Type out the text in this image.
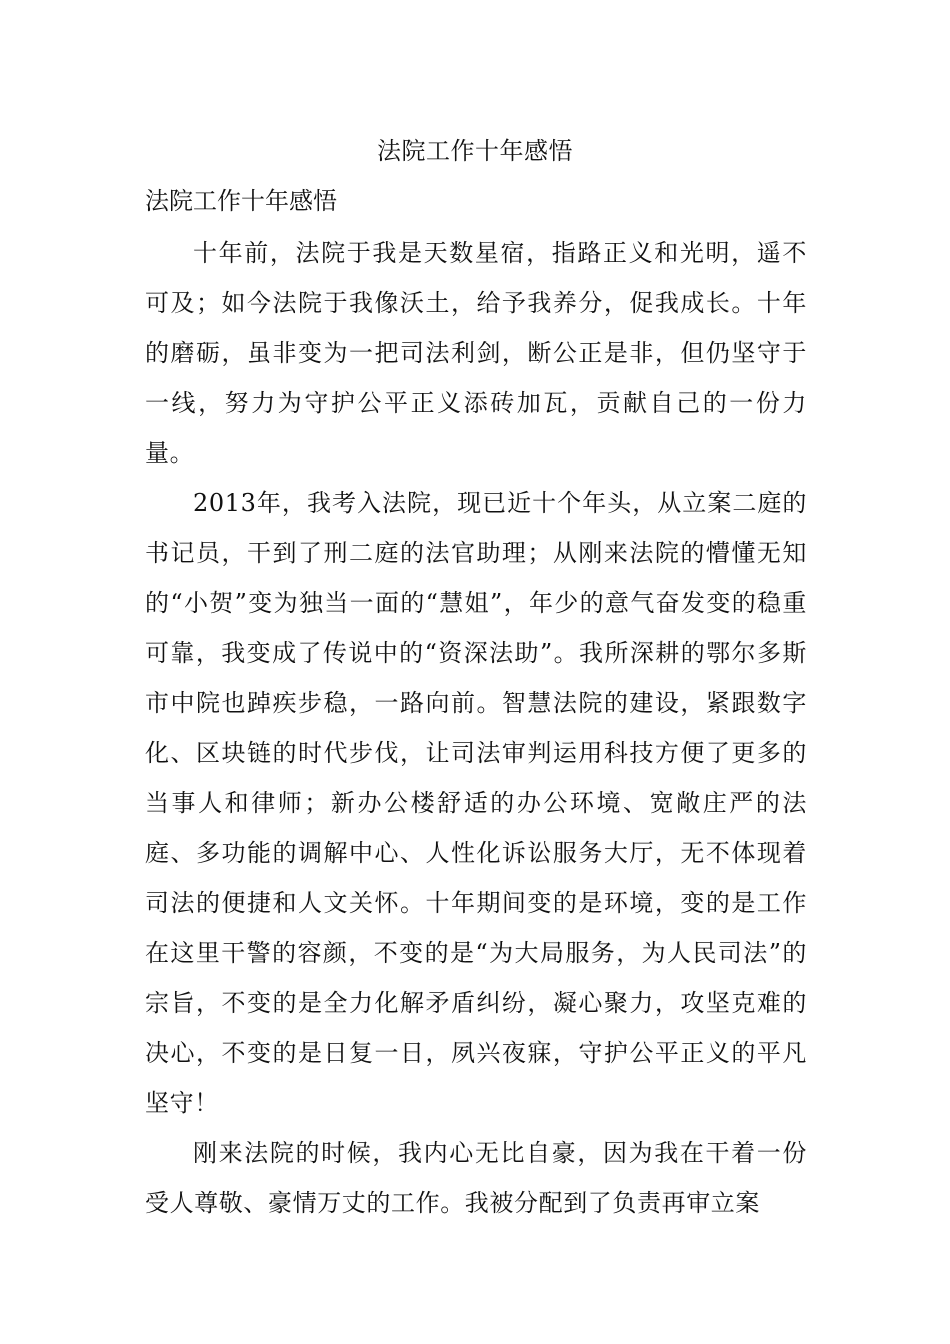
法院工作十年感悟
法院工作十年感悟

十年前，法院于我是天数星宿，指路正义和光明，遥不可及；如今法院于我像沃土，给予我养分，促我成长。十年的磨砺，虽非变为一把司法利剑，断公正是非，但仍坚守于一线，努力为守护公平正义添砖加瓦，贡献自己的一份力量。

2013年，我考入法院，现已近十个年头，从立案二庭的书记员，干到了刑二庭的法官助理；从刚来法院的懵懂无知的“小贺”变为独当一面的“慧姐”，年少的意气奋发变的稳重可靠，我变成了传说中的“资深法助”。我所深耕的鄂尔多斯市中院也踔疾步稳，一路向前。智慧法院的建设，紧跟数字化、区块链的时代步伐，让司法审判运用科技方便了更多的当事人和律师；新办公楼舒适的办公环境、宽敞庄严的法庭、多功能的调解中心、人性化诉讼服务大厅，无不体现着司法的便捷和人文关怀。十年期间变的是环境，变的是工作在这里干警的容颜，不变的是“为大局服务，为人民司法”的宗旨，不变的是全力化解矛盾纠纷，凝心聚力，攻坚克难的决心，不变的是日复一日，夙兴夜寐，守护公平正义的平凡坚守！

刚来法院的时候，我内心无比自豪，因为我在干着一份受人尊敬、豪情万丈的工作。我被分配到了负责再审立案
